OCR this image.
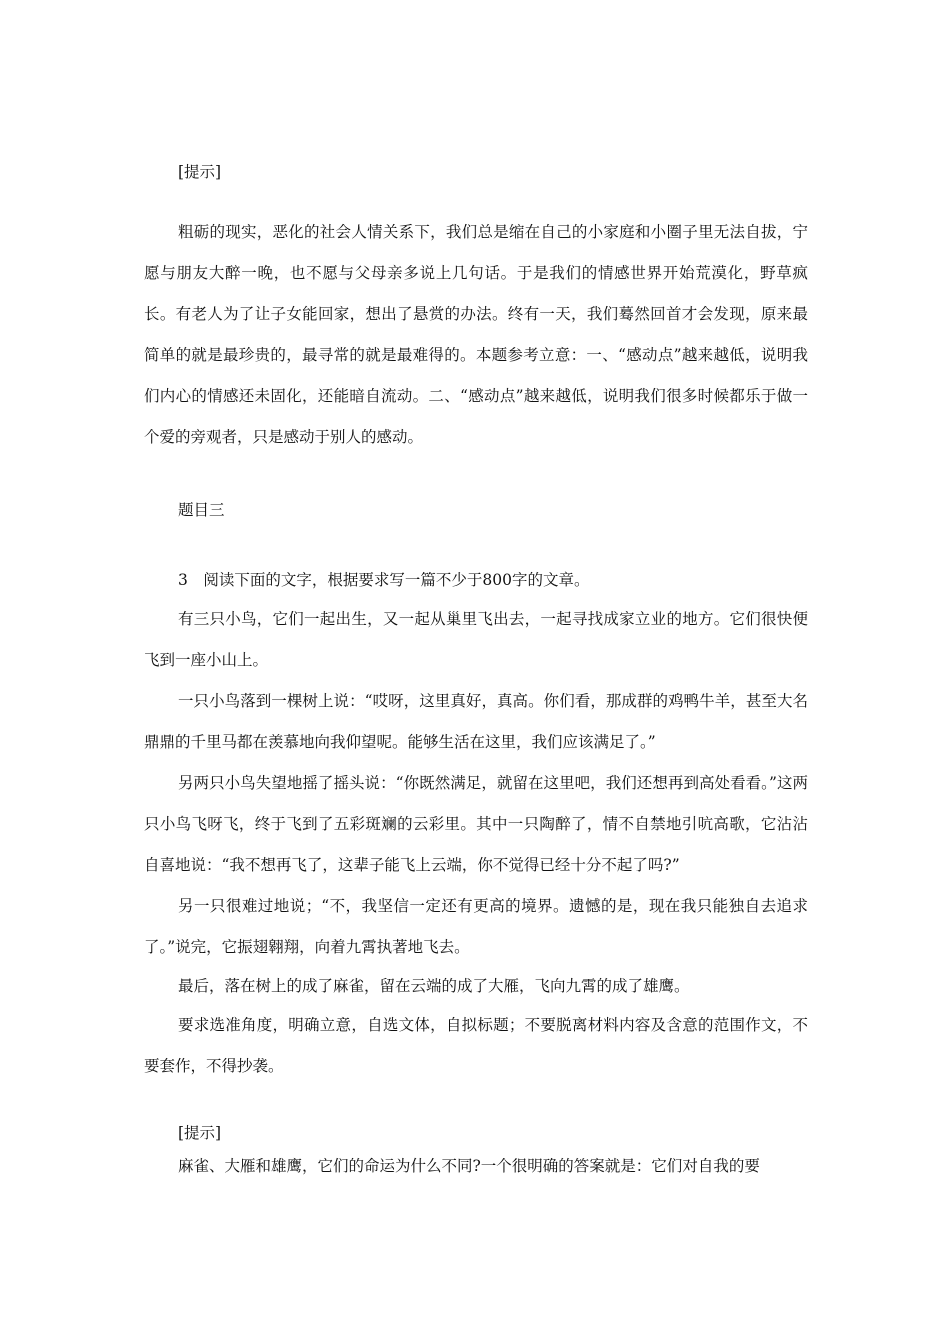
[提示]

粗砺的现实，恶化的社会人情关系下，我们总是缩在自己的小家庭和小圈子里无法自拔，宁愿与朋友大醉一晚，也不愿与父母亲多说上几句话。于是我们的情感世界开始荒漠化，野草疯长。有老人为了让子女能回家，想出了悬赏的办法。终有一天，我们蓦然回首才会发现，原来最简单的就是最珍贵的，最寻常的就是最难得的。本题参考立意：一、“感动点”越来越低，说明我们内心的情感还未固化，还能暗自流动。二、“感动点”越来越低，说明我们很多时候都乐于做一个爱的旁观者，只是感动于别人的感动。

题目三

3　阅读下面的文字，根据要求写一篇不少于800字的文章。

有三只小鸟，它们一起出生，又一起从巢里飞出去，一起寻找成家立业的地方。它们很快便飞到一座小山上。

一只小鸟落到一棵树上说：“哎呀，这里真好，真高。你们看，那成群的鸡鸭牛羊，甚至大名鼎鼎的千里马都在羡慕地向我仰望呢。能够生活在这里，我们应该满足了。”

另两只小鸟失望地摇了摇头说：“你既然满足，就留在这里吧，我们还想再到高处看看。”这两只小鸟飞呀飞，终于飞到了五彩斑斓的云彩里。其中一只陶醉了，情不自禁地引吭高歌，它沾沾自喜地说：“我不想再飞了，这辈子能飞上云端，你不觉得已经十分不起了吗?”

另一只很难过地说；“不，我坚信一定还有更高的境界。遗憾的是，现在我只能独自去追求了。”说完，它振翅翱翔，向着九霄执著地飞去。

最后，落在树上的成了麻雀，留在云端的成了大雁，飞向九霄的成了雄鹰。

要求选准角度，明确立意，自选文体，自拟标题；不要脱离材料内容及含意的范围作文，不要套作，不得抄袭。

[提示]

麻雀、大雁和雄鹰，它们的命运为什么不同?一个很明确的答案就是：它们对自我的要
